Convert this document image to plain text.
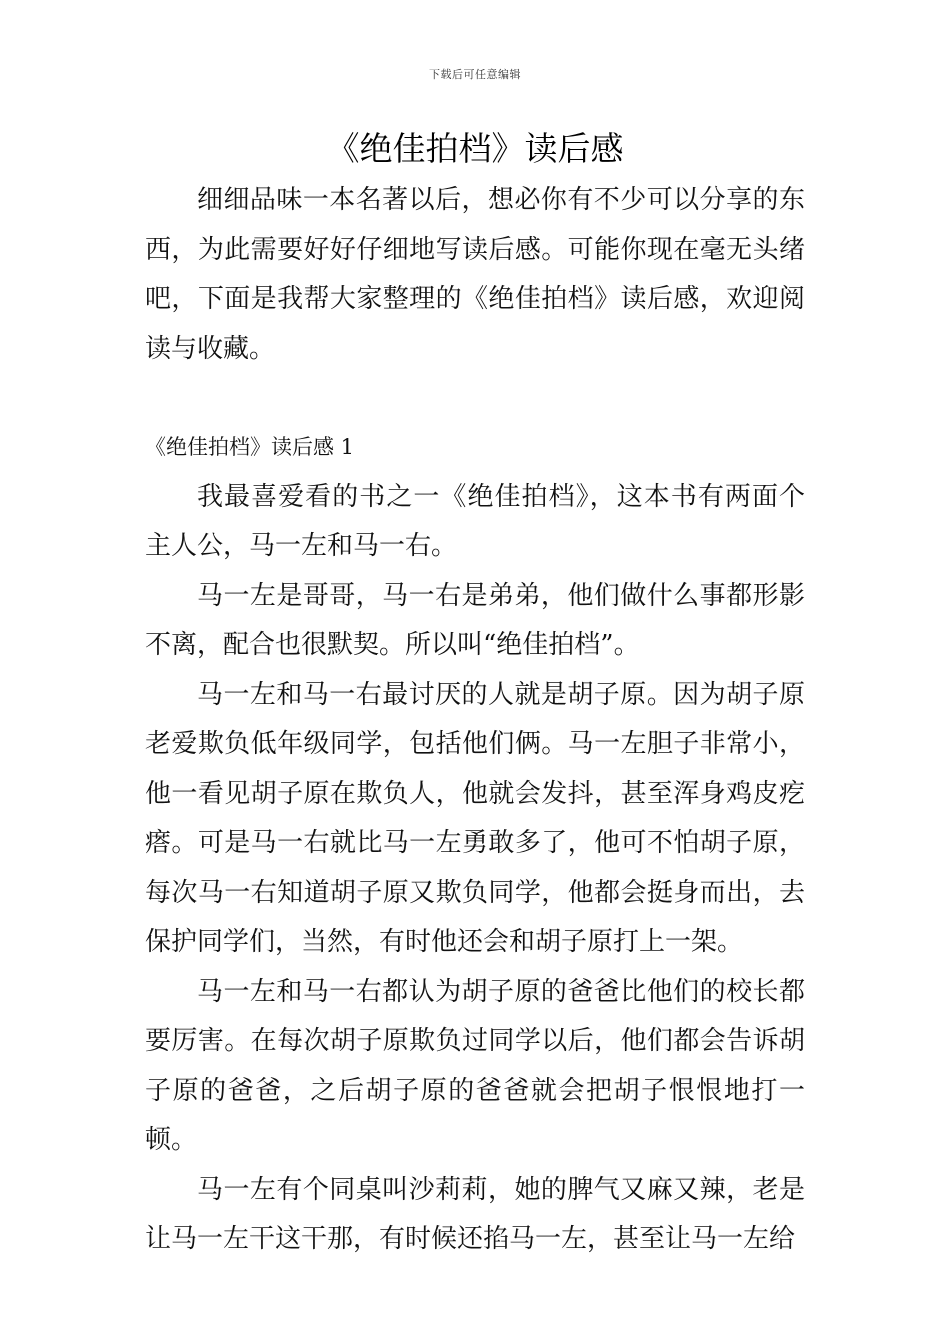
下载后可任意编辑
《绝佳拍档》读后感

细细品味一本名著以后，想必你有不少可以分享的东西，为此需要好好仔细地写读后感。可能你现在毫无头绪吧，下面是我帮大家整理的《绝佳拍档》读后感，欢迎阅读与收藏。

《绝佳拍档》读后感 1

我最喜爱看的书之一《绝佳拍档》，这本书有两面个主人公，马一左和马一右。

马一左是哥哥，马一右是弟弟，他们做什么事都形影不离，配合也很默契。所以叫“绝佳拍档”。

马一左和马一右最讨厌的人就是胡子原。因为胡子原老爱欺负低年级同学，包括他们俩。马一左胆子非常小，他一看见胡子原在欺负人，他就会发抖，甚至浑身鸡皮疙瘩。可是马一右就比马一左勇敢多了，他可不怕胡子原，每次马一右知道胡子原又欺负同学，他都会挺身而出，去保护同学们，当然，有时他还会和胡子原打上一架。

马一左和马一右都认为胡子原的爸爸比他们的校长都要厉害。在每次胡子原欺负过同学以后，他们都会告诉胡子原的爸爸，之后胡子原的爸爸就会把胡子恨恨地打一顿。

马一左有个同桌叫沙莉莉，她的脾气又麻又辣，老是让马一左干这干那，有时候还掐马一左，甚至让马一左给
